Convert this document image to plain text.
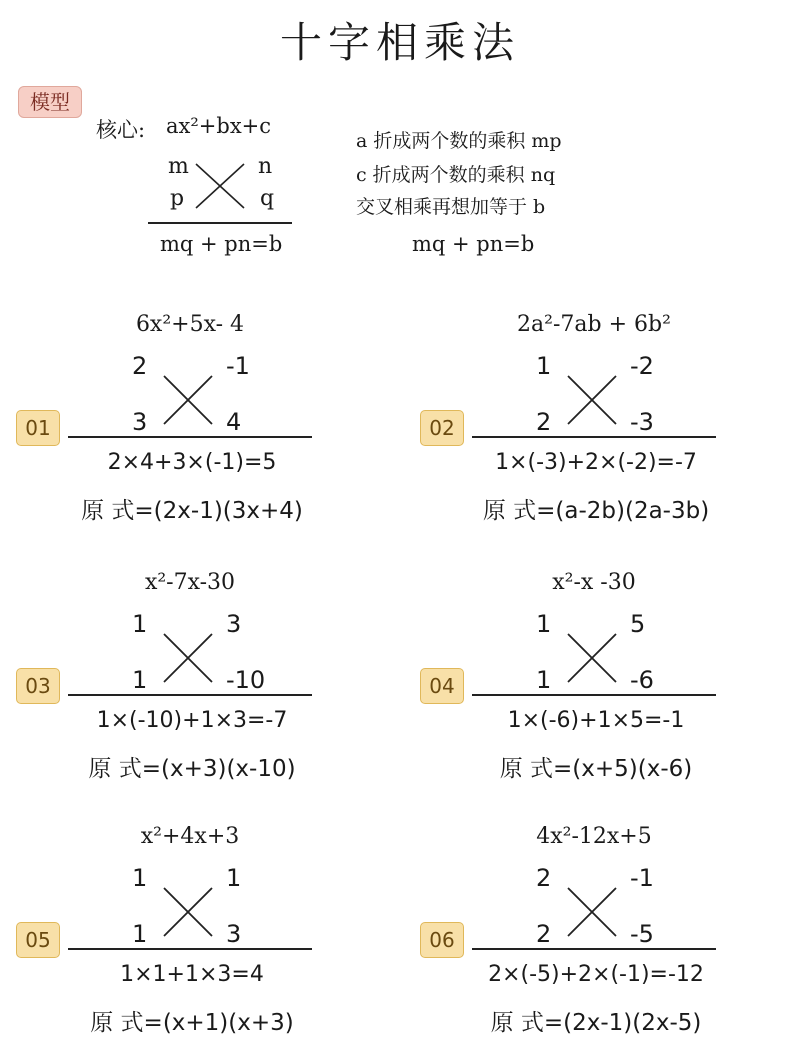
十字相乘法
模型
核心: ax²+bx+c
m	n
p	q
mq + pn=b
a 折成两个数的乘积 mp
c 折成两个数的乘积 nq
交叉相乘再想加等于 b
mq + pn=b
6x²+5x- 4
2	-1
3	4
01
2×4+3×(-1)=5
原 式=(2x-1)(3x+4)
2a²-7ab + 6b²
1	-2
2	-3
02
1×(-3)+2×(-2)=-7
原 式=(a-2b)(2a-3b)
x²-7x-30
1	3
1	-10
03
1×(-10)+1×3=-7
原 式=(x+3)(x-10)
x²-x -30
1	5
1	-6
04
1×(-6)+1×5=-1
原 式=(x+5)(x-6)
x²+4x+3
1	1
1	3
05
1×1+1×3=4
原 式=(x+1)(x+3)
4x²-12x+5
2	-1
2	-5
06
2×(-5)+2×(-1)=-12
原 式=(2x-1)(2x-5)
